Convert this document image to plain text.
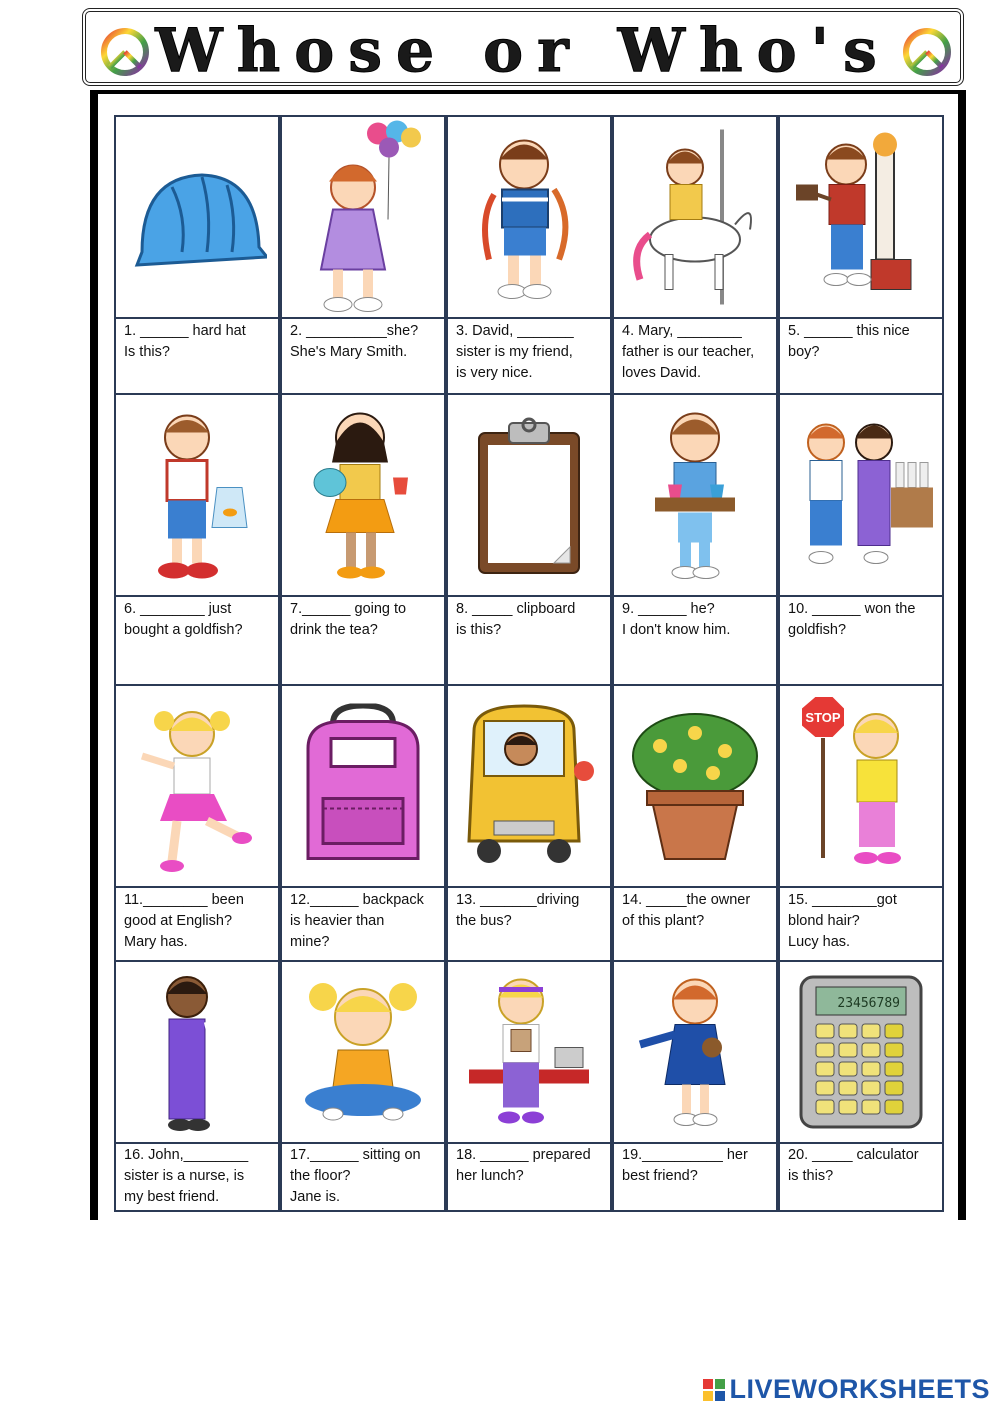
Whose or Who's
1. ______ hard hat
Is this?
2. __________she?
She's Mary Smith.
3. David, _______
sister is my friend,
is very nice.
4. Mary, ________
father is our teacher,
loves David.
5. ______ this nice
boy?
6. ________ just
bought a goldfish?
7.______ going to
drink the tea?
8. _____ clipboard
is this?
9. ______ he?
I don't know him.
10. ______ won the
goldfish?
11.________ been
good at English?
Mary has.
12.______ backpack
is heavier than
mine?
13. _______driving
the bus?
14. _____the owner
of this plant?
STOP
15. ________got
blond hair?
Lucy has.
16. John,________
sister is a nurse, is
my best friend.
17.______ sitting on
the floor?
Jane is.
18. ______ prepared
her lunch?
19.__________ her
best friend?
23456789
20. _____ calculator
is this?
LIVEWORKSHEETS
